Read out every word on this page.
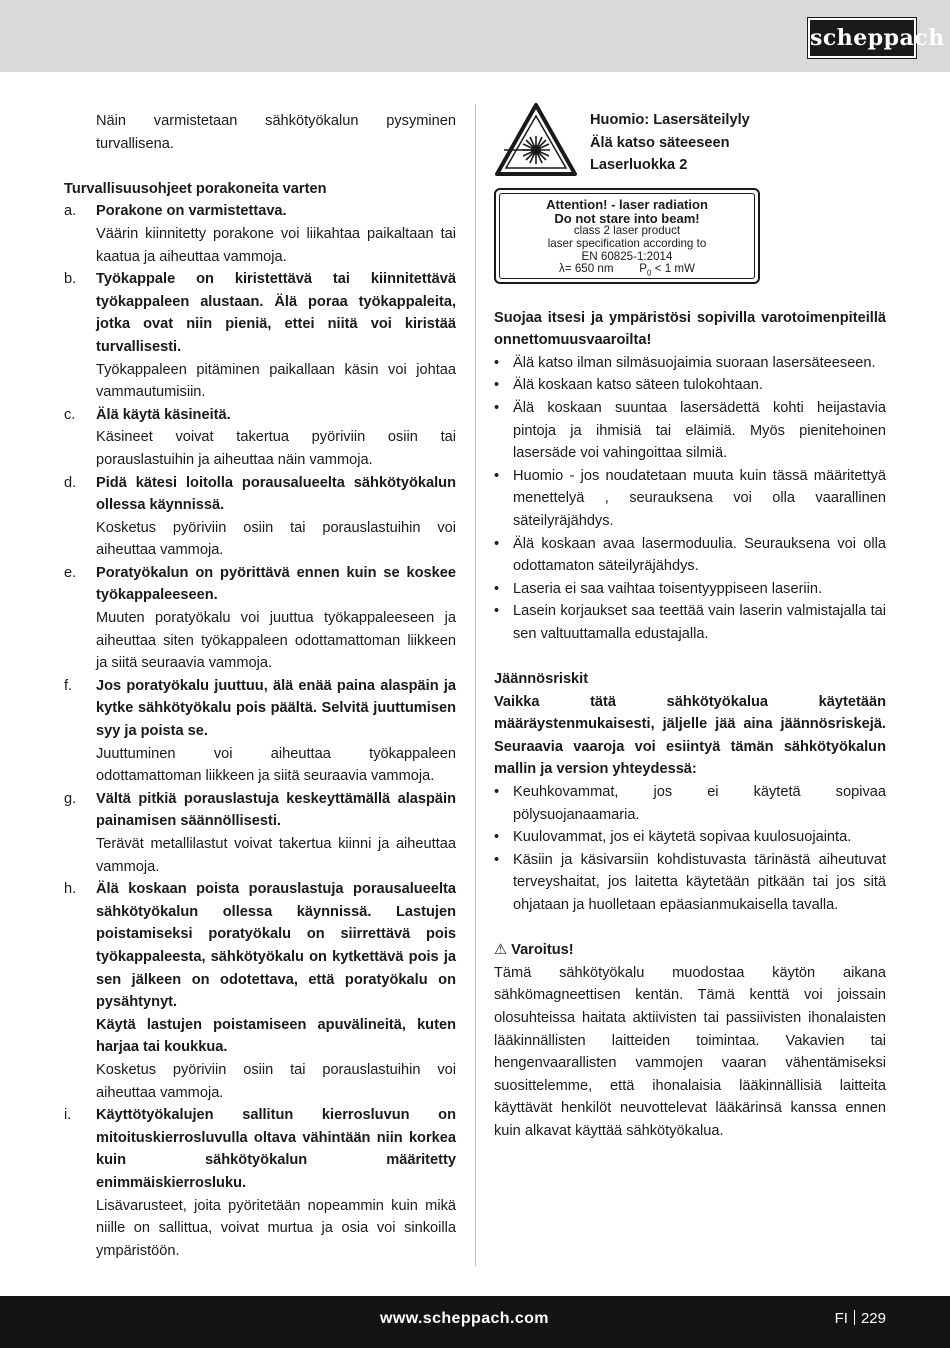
scheppach

Näin varmistetaan sähkötyökalun pysyminen turvallisena.

Turvallisuusohjeet porakoneita varten

a.	Porakone on varmistettava.

Väärin kiinnitetty porakone voi liikahtaa paikaltaan tai kaatua ja aiheuttaa vammoja.

b.	Työkappale on kiristettävä tai kiinnitettävä työkappaleen alustaan. Älä poraa työkappaleita, jotka ovat niin pieniä, ettei niitä voi kiristää turvallisesti.

Työkappaleen pitäminen paikallaan käsin voi johtaa vammautumisiin.

c.	Älä käytä käsineitä.

Käsineet voivat takertua pyöriviin osiin tai porauslastuihin ja aiheuttaa näin vammoja.

d.	Pidä kätesi loitolla porausalueelta sähkötyökalun ollessa käynnissä.

Kosketus pyöriviin osiin tai porauslastuihin voi aiheuttaa vammoja.

e.	Poratyökalun on pyörittävä ennen kuin se koskee työkappaleeseen.

Muuten poratyökalu voi juuttua työkappaleeseen ja aiheuttaa siten työkappaleen odottamattoman liikkeen ja siitä seuraavia vammoja.

f.	Jos poratyökalu juuttuu, älä enää paina alaspäin ja kytke sähkötyökalu pois päältä. Selvitä juuttumisen syy ja poista se.

Juuttuminen voi aiheuttaa työkappaleen odottamattoman liikkeen ja siitä seuraavia vammoja.

g.	Vältä pitkiä porauslastuja keskeyttämällä alaspäin painamisen säännöllisesti.

Terävät metallilastut voivat takertua kiinni ja aiheuttaa vammoja.

h.	Älä koskaan poista porauslastuja porausalueelta sähkötyökalun ollessa käynnissä. Lastujen poistamiseksi poratyökalu on siirrettävä pois työkappaleesta, sähkötyökalu on kytkettävä pois ja sen jälkeen on odotettava, että poratyökalu on pysähtynyt.

Käytä lastujen poistamiseen apuvälineitä, kuten harjaa tai koukkua.

Kosketus pyöriviin osiin tai porauslastuihin voi aiheuttaa vammoja.

i.	Käyttötyökalujen sallitun kierrosluvun on mitoituskierrosluvulla oltava vähintään niin korkea kuin sähkötyökalun määritetty enimmäiskierrosluku.

Lisävarusteet, joita pyöritetään nopeammin kuin mikä niille on sallittua, voivat murtua ja osia voi sinkoilla ympäristöön.

Huomio: Lasersäteilyly

Älä katso säteeseen

Laserluokka 2

Attention! - laser radiation
Do not stare into beam!
class 2 laser product
laser specification according to
EN 60825-1:2014
λ= 650 nm $P_0 < 1$ mW

Suojaa itsesi ja ympäristösi sopivilla varotoimenpiteillä onnettomuusvaaroilta!

• Älä katso ilman silmäsuojaimia suoraan lasersäteeseen.

• Älä koskaan katso säteen tulokohtaan.

• Älä koskaan suuntaa lasersädettä kohti heijastavia pintoja ja ihmisiä tai eläimiä. Myös pienitehoinen lasersäde voi vahingoittaa silmiä.

• Huomio - jos noudatetaan muuta kuin tässä määritettyä menettelyä , seurauksena voi olla vaarallinen säteilyräjähdys.

• Älä koskaan avaa lasermoduulia. Seurauksena voi olla odottamaton säteilyräjähdys.

• Laseria ei saa vaihtaa toisentyyppiseen laseriin.

• Lasein korjaukset saa teettää vain laserin valmistajalla tai sen valtuuttamalla edustajalla.

Jäännösriskit

Vaikka tätä sähkötyökalua käytetään määräystenmukaisesti, jäljelle jää aina jäännösriskejä. Seuraavia vaaroja voi esiintyä tämän sähkötyökalun mallin ja version yhteydessä:

• Keuhkovammat, jos ei käytetä sopivaa pölysuojanaamaria.

• Kuulovammat, jos ei käytetä sopivaa kuulosuojainta.

• Käsiin ja käsivarsiin kohdistuvasta tärinästä aiheutuvat terveyshaitat, jos laitetta käytetään pitkään tai jos sitä ohjataan ja huolletaan epäasianmukaisella tavalla.

⚠ Varoitus!

Tämä sähkötyökalu muodostaa käytön aikana sähkömagneettisen kentän. Tämä kenttä voi joissain olosuhteissa haitata aktiivisten tai passiivisten ihonalaisten lääkinnällisten laitteiden toimintaa. Vakavien tai hengenvaarallisten vammojen vaaran vähentämiseksi suosittelemme, että ihonalaisia lääkinnällisiä laitteita käyttävät henkilöt neuvottelevat lääkärinsä kanssa ennen kuin alkavat käyttää sähkötyökalua.

www.scheppach.com	FI 229
